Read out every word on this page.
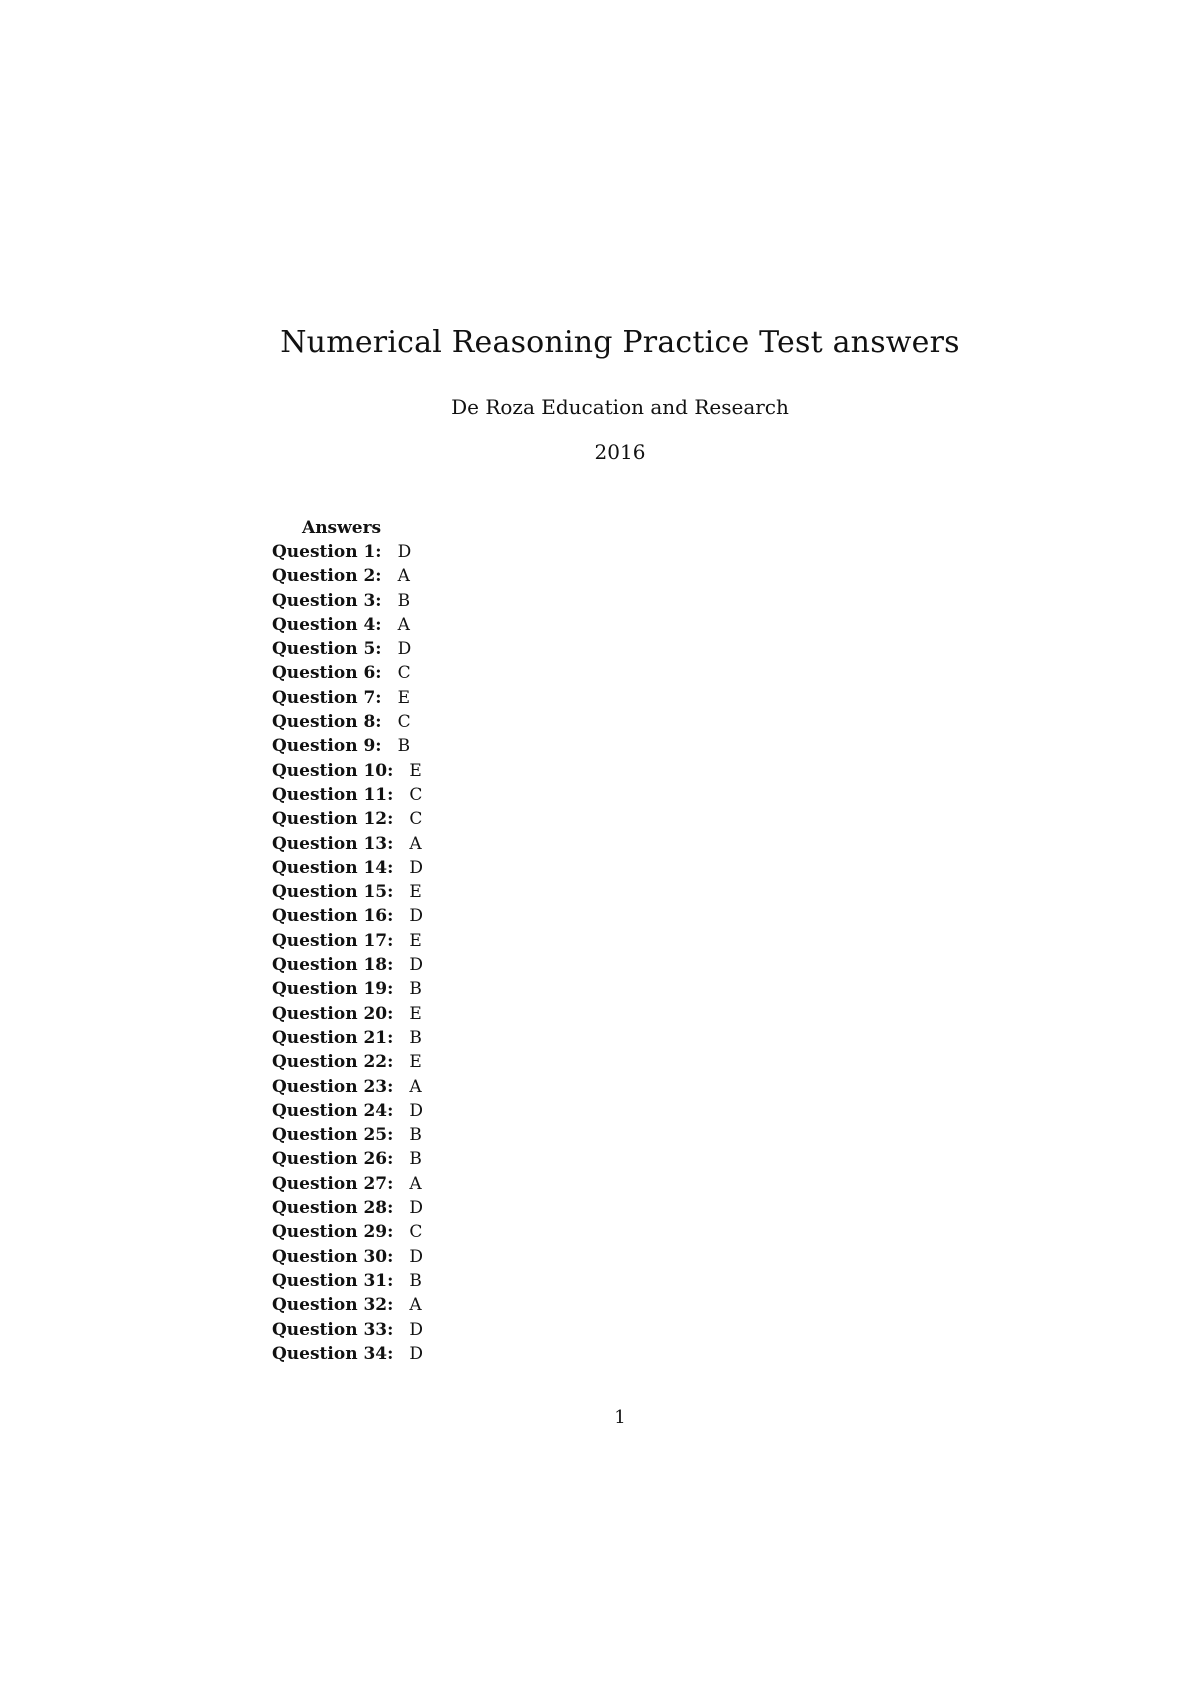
Numerical Reasoning Practice Test answers
De Roza Education and Research
2016
Answers
Question 1: D
Question 2: A
Question 3: B
Question 4: A
Question 5: D
Question 6: C
Question 7: E
Question 8: C
Question 9: B
Question 10: E
Question 11: C
Question 12: C
Question 13: A
Question 14: D
Question 15: E
Question 16: D
Question 17: E
Question 18: D
Question 19: B
Question 20: E
Question 21: B
Question 22: E
Question 23: A
Question 24: D
Question 25: B
Question 26: B
Question 27: A
Question 28: D
Question 29: C
Question 30: D
Question 31: B
Question 32: A
Question 33: D
Question 34: D
1
